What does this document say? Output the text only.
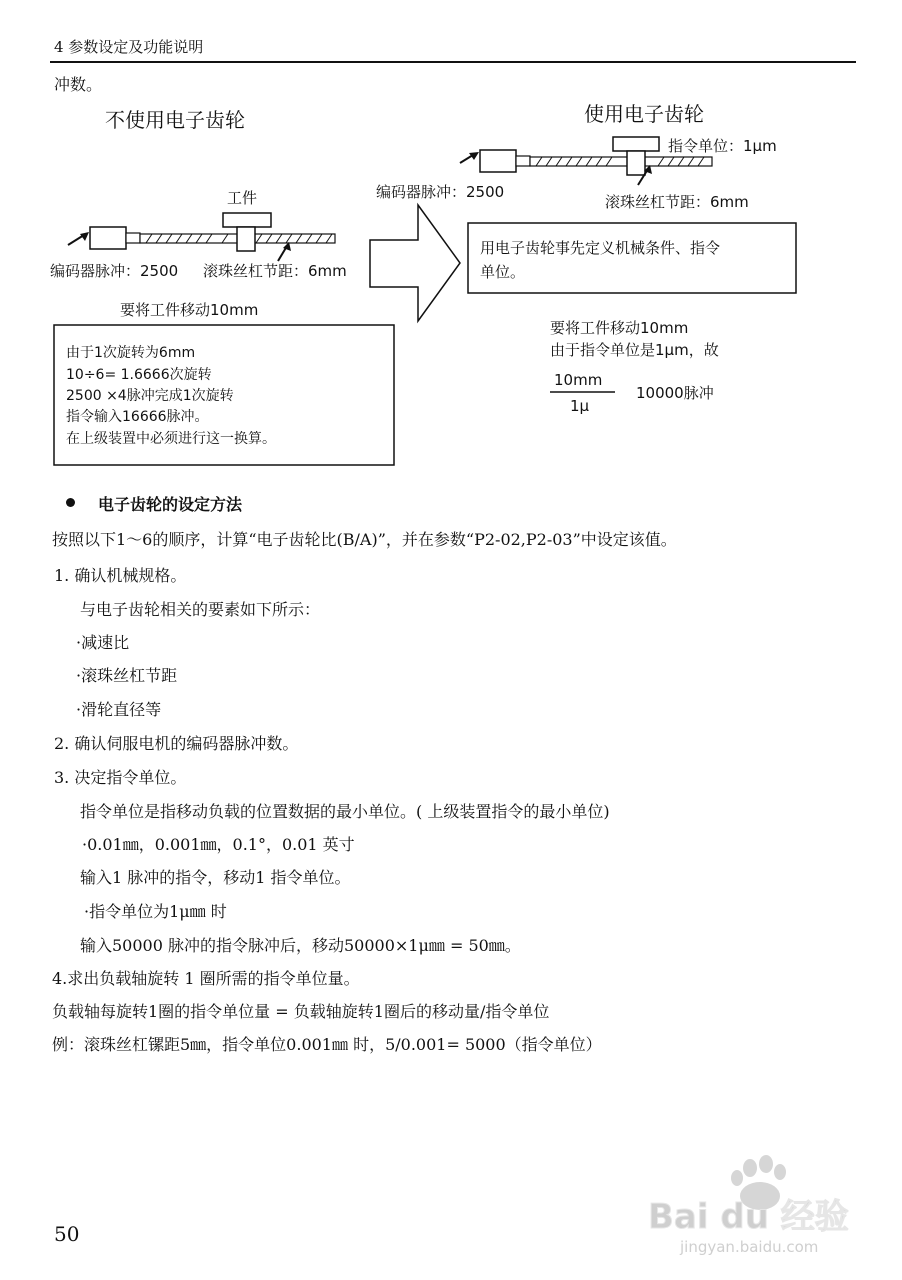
4 参数设定及功能说明
冲数。
不使用电子齿轮
工件
编码器脉冲：2500 滚珠丝杠节距：6mm
要将工件移动10mm
由于1次旋转为6mm
10÷6= 1.6666次旋转
2500 ×4脉冲完成1次旋转
指令输入16666脉冲。
在上级装置中必须进行这一换算。
使用电子齿轮
指令单位：1μm
编码器脉冲：2500
滚珠丝杠节距：6mm
用电子齿轮事先定义机械条件、指令
单位。
要将工件移动10mm
由于指令单位是1μm，故
10mm
1μ
10000脉冲
电子齿轮的设定方法
按照以下1～6的顺序，计算“电子齿轮比(B/A)”，并在参数“P2-02,P2-03”中设定该值。
1. 确认机械规格。
与电子齿轮相关的要素如下所示：
·减速比
·滚珠丝杠节距
·滑轮直径等
2. 确认伺服电机的编码器脉冲数。
3. 决定指令单位。
指令单位是指移动负载的位置数据的最小单位。( 上级装置指令的最小单位)
·0.01㎜，0.001㎜，0.1°，0.01 英寸
输入1 脉冲的指令，移动1 指令单位。
·指令单位为1μ㎜ 时
输入50000 脉冲的指令脉冲后，移动50000×1μ㎜ = 50㎜。
4.求出负载轴旋转 1 圈所需的指令单位量。
负载轴每旋转1圈的指令单位量 = 负载轴旋转1圈后的移动量/指令单位
例：滚珠丝杠镙距5㎜，指令单位0.001㎜ 时，5/0.001= 5000（指令单位）
50	Bai du 经验
jingyan.baidu.com
